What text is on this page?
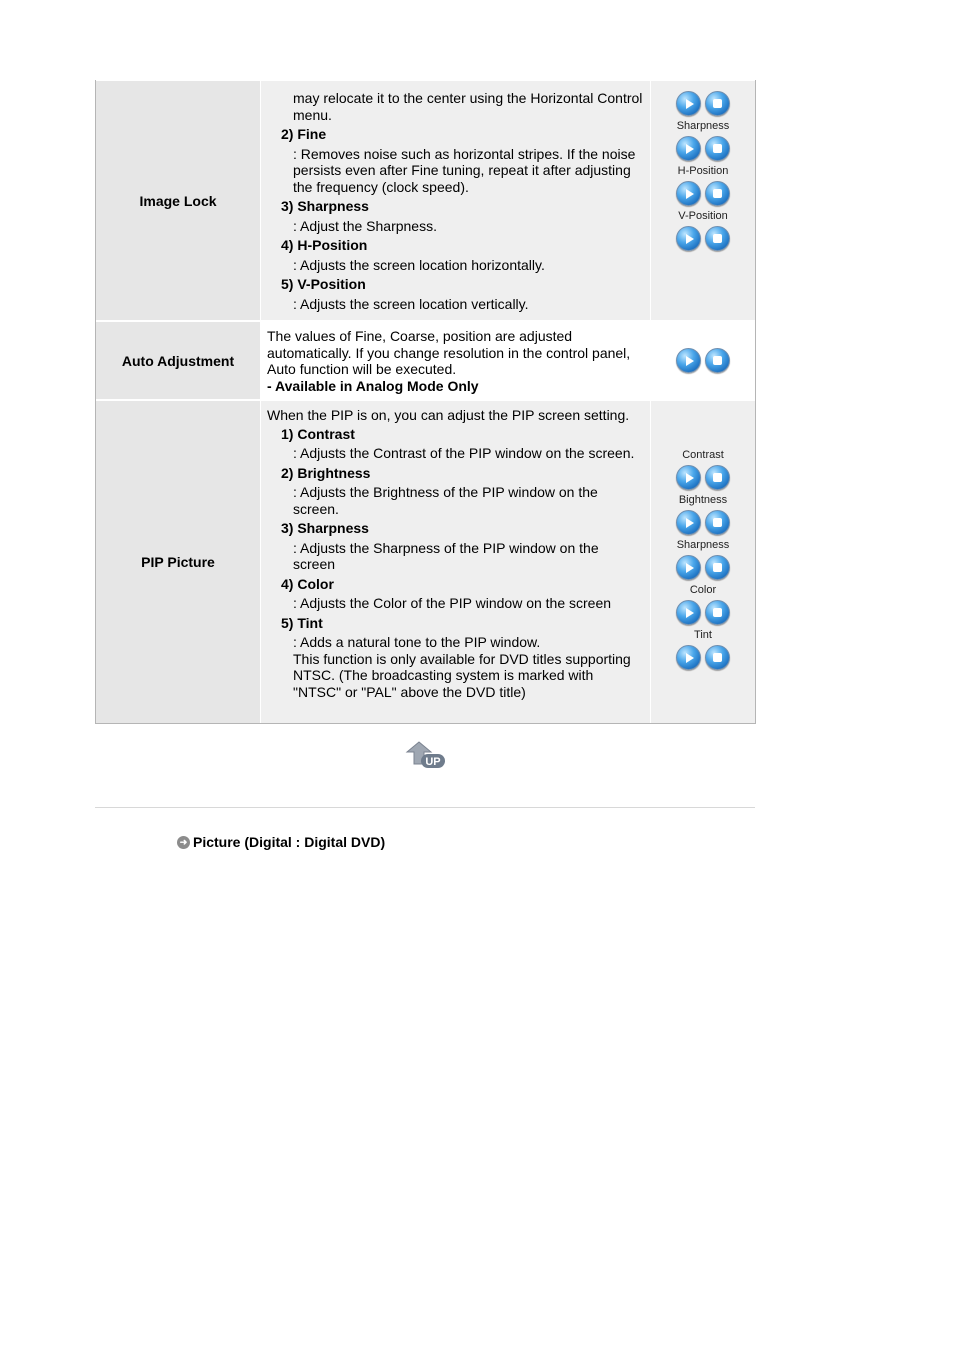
Image Lock
may relocate it to the center using the Horizontal Control menu.
2) Fine
: Removes noise such as horizontal stripes. If the noise persists even after Fine tuning, repeat it after adjusting the frequency (clock speed).
3) Sharpness
: Adjust the Sharpness.
4) H-Position
: Adjusts the screen location horizontally.
5) V-Position
: Adjusts the screen location vertically.
Sharpness
H-Position
V-Position
Auto Adjustment
The values of Fine, Coarse, position are adjusted automatically. If you change resolution in the control panel, Auto function will be executed.
- Available in Analog Mode Only
PIP Picture
When the PIP is on, you can adjust the PIP screen setting.
1) Contrast
: Adjusts the Contrast of the PIP window on the screen.
2) Brightness
: Adjusts the Brightness of the PIP window on the screen.
3) Sharpness
: Adjusts the Sharpness of the PIP window on the screen
4) Color
: Adjusts the Color of the PIP window on the screen
5) Tint
: Adds a natural tone to the PIP window.
This function is only available for DVD titles supporting NTSC. (The broadcasting system is marked with "NTSC" or "PAL" above the DVD title)
Contrast
Bightness
Sharpness
Color
Tint
UP
➜ Picture (Digital : Digital DVD)
